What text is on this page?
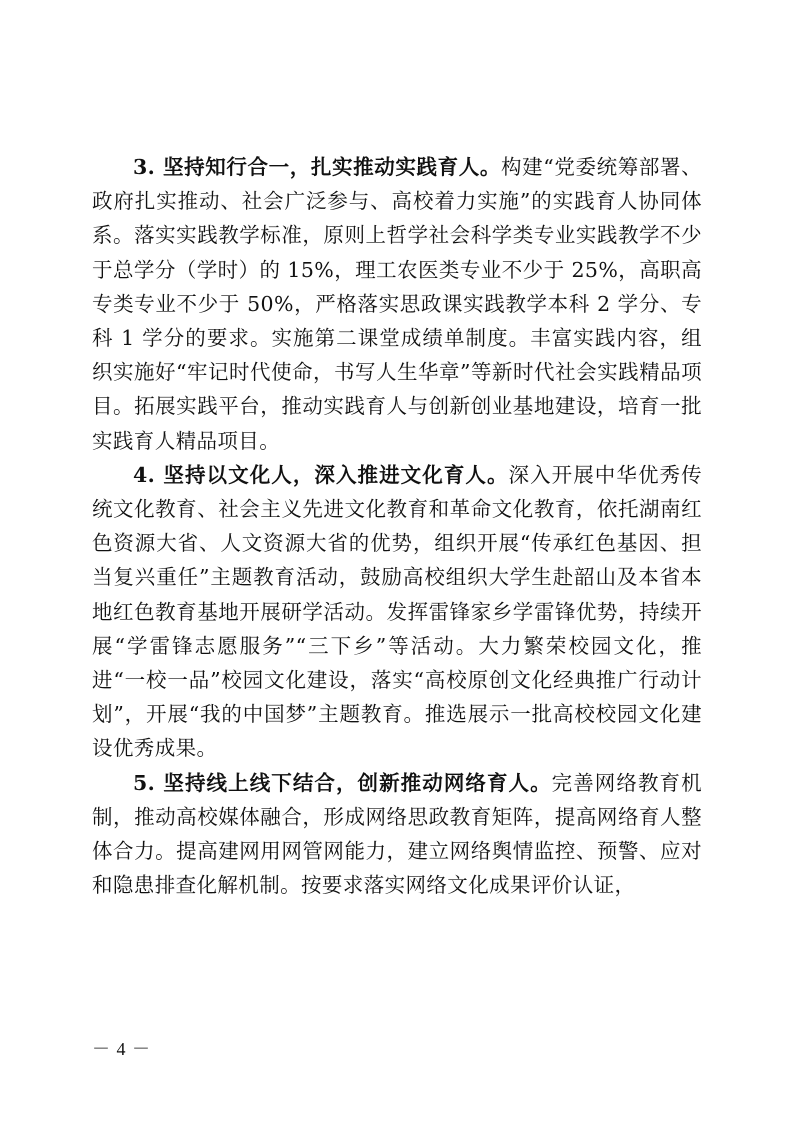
3. 坚持知行合一，扎实推动实践育人。构建“党委统筹部署、政府扎实推动、社会广泛参与、高校着力实施”的实践育人协同体系。落实实践教学标准，原则上哲学社会科学类专业实践教学不少于总学分（学时）的 15%，理工农医类专业不少于 25%，高职高专类专业不少于 50%，严格落实思政课实践教学本科 2 学分、专科 1 学分的要求。实施第二课堂成绩单制度。丰富实践内容，组织实施好“牢记时代使命，书写人生华章”等新时代社会实践精品项目。拓展实践平台，推动实践育人与创新创业基地建设，培育一批实践育人精品项目。

4. 坚持以文化人，深入推进文化育人。深入开展中华优秀传统文化教育、社会主义先进文化教育和革命文化教育，依托湖南红色资源大省、人文资源大省的优势，组织开展“传承红色基因、担当复兴重任”主题教育活动，鼓励高校组织大学生赴韶山及本省本地红色教育基地开展研学活动。发挥雷锋家乡学雷锋优势，持续开展“学雷锋志愿服务”“三下乡”等活动。大力繁荣校园文化，推进“一校一品”校园文化建设，落实“高校原创文化经典推广行动计划”，开展“我的中国梦”主题教育。推选展示一批高校校园文化建设优秀成果。

5. 坚持线上线下结合，创新推动网络育人。完善网络教育机制，推动高校媒体融合，形成网络思政教育矩阵，提高网络育人整体合力。提高建网用网管网能力，建立网络舆情监控、预警、应对和隐患排查化解机制。按要求落实网络文化成果评价认证，

－ 4 －
